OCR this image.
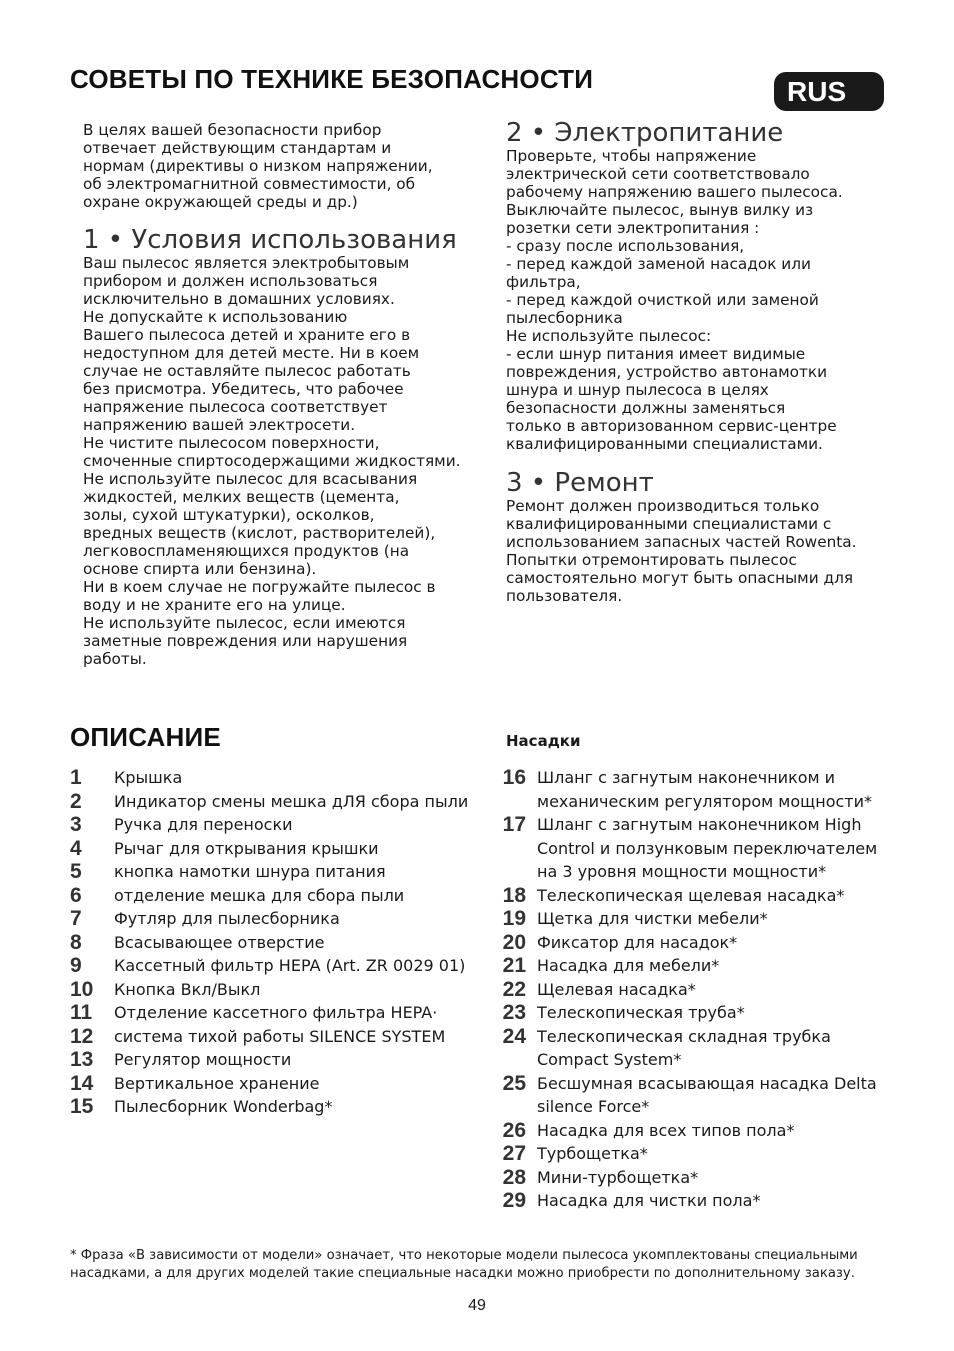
СОВЕТЫ ПО ТЕХНИКЕ БЕЗОПАСНОСТИ	RUS

В целях вашей безопасности прибор
отвечает действующим стандартам и
нормам (директивы о низком напряжении,
об электромагнитной совместимости, об
охране окружающей среды и др.)

1 • Условия использования

Ваш пылесос является электробытовым
прибором и должен использоваться
исключительно в домашних условиях.
Не допускайте к использованию
Вашего пылесоса детей и храните его в
недоступном для детей месте. Ни в коем
случае не оставляйте пылесос работать
без присмотра. Убедитесь, что рабочее
напряжение пылесоса соответствует
напряжению вашей электросети.
Не чистите пылесосом поверхности,
смоченные спиртосодержащими жидкостями.
Не используйте пылесос для всасывания
жидкостей, мелких веществ (цемента,
золы, сухой штукатурки), осколков,
вредных веществ (кислот, растворителей),
легковоспламеняющихся продуктов (на
основе спирта или бензина).
Ни в коем случае не погружайте пылесос в
воду и не храните его на улице.
Не используйте пылесос, если имеются
заметные повреждения или нарушения
работы.

2 • Электропитание

Проверьте, чтобы напряжение
электрической сети соответствовало
рабочему напряжению вашего пылесоса.
Выключайте пылесос, вынув вилку из
розетки сети электропитания :
- сразу после использования,
- перед каждой заменой насадок или
фильтра,
- перед каждой очисткой или заменой
пылесборника
Не используйте пылесос:
- если шнур питания имеет видимые
повреждения, устройство автонамотки
шнура и шнур пылесоса в целях
безопасности должны заменяться
только в авторизованном сервис-центре
квалифицированными специалистами.

3 • Ремонт

Ремонт должен производиться только
квалифицированными специалистами с
использованием запасных частей Rowenta.
Попытки отремонтировать пылесос
самостоятельно могут быть опасными для
пользователя.

ОПИСАНИЕ	Насадки

1	Крышка
2	Индикатор смены мешка дЛЯ сбора пыли
3	Ручка для переноски
4	Рычаг для открывания крышки
5	кнопка намотки шнура питания
6	отделение мешка для сбора пыли
7	Футляр для пылесборника
8	Всасывающее отверстие
9	Кассетный фильтр HEPA (Art. ZR 0029 01)
10	Кнопка Вкл/Выкл
11	Отделение кассетного фильтра HEPA·
12	система тихой работы SILENCE SYSTEM
13	Регулятор мощности
14	Вертикальное хранение
15	Пылесборник Wonderbag*
16 Шланг с загнутым наконечником и механическим регулятором мощности*
17 Шланг с загнутым наконечником High Control и ползунковым переключателем на 3 уровня мощности мощности*
18 Телескопическая щелевая насадка*
19 Щетка для чистки мебели*
20 Фиксатор для насадок*
21 Насадка для мебели*
22 Щелевая насадка*
23 Телескопическая труба*
24 Телескопическая складная трубка Compact System*
25 Бесшумная всасывающая насадка Delta silence Force*
26 Насадка для всех типов пола*
27 Турбощетка*
28 Мини-турбощетка*
29 Насадка для чистки пола*

* Фраза «В зависимости от модели» означает, что некоторые модели пылесоса укомплектованы специальными насадками, а для других моделей такие специальные насадки можно приобрести по дополнительному заказу.

49
